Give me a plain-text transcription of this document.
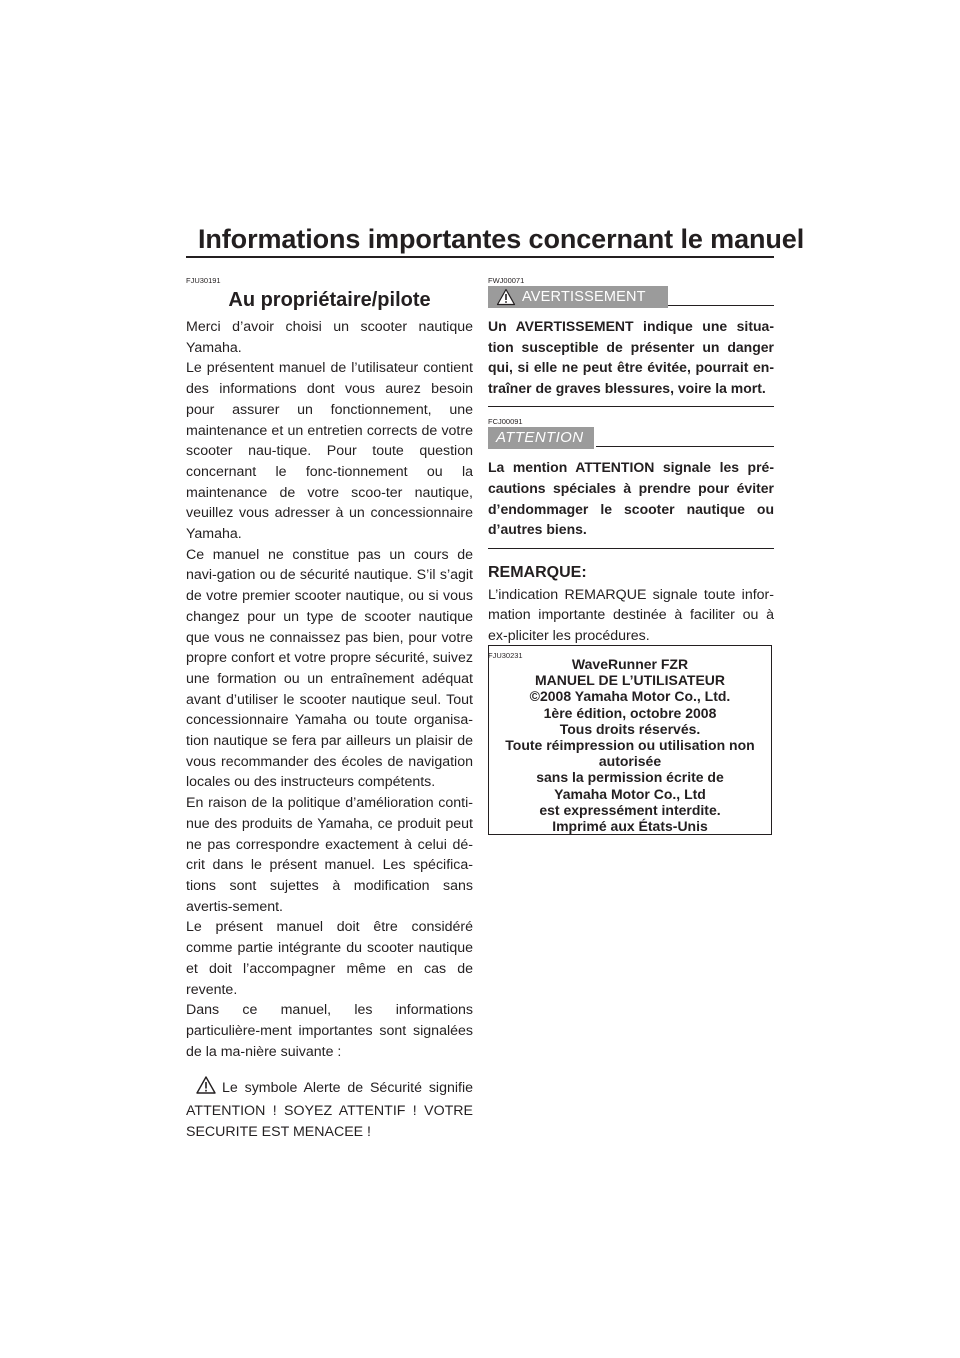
Informations importantes concernant le manuel
FJU30191
Au propriétaire/pilote

Merci d’avoir choisi un scooter nautique Yamaha.

Le présentent manuel de l’utilisateur contient des informations dont vous aurez besoin pour assurer un fonctionnement, une maintenance et un entretien corrects de votre scooter nau-tique. Pour toute question concernant le fonc-tionnement ou la maintenance de votre scoo-ter nautique, veuillez vous adresser à un concessionnaire Yamaha.

Ce manuel ne constitue pas un cours de navi-gation ou de sécurité nautique. S’il s’agit de votre premier scooter nautique, ou si vous changez pour un type de scooter nautique que vous ne connaissez pas bien, pour votre propre confort et votre propre sécurité, suivez une formation ou un entraînement adéquat avant d’utiliser le scooter nautique seul. Tout concessionnaire Yamaha ou toute organisa-tion nautique se fera par ailleurs un plaisir de vous recommander des écoles de navigation locales ou des instructeurs compétents.

En raison de la politique d’amélioration conti-nue des produits de Yamaha, ce produit peut ne pas correspondre exactement à celui dé-crit dans le présent manuel. Les spécifica-tions sont sujettes à modification sans avertis-sement.

Le présent manuel doit être considéré comme partie intégrante du scooter nautique et doit l’accompagner même en cas de revente.

Dans ce manuel, les informations particulière-ment importantes sont signalées de la ma-nière suivante :

Le symbole Alerte de Sécurité signifie ATTENTION ! SOYEZ ATTENTIF ! VOTRE SECURITE EST MENACEE !

FWJ00071
AVERTISSEMENT

Un AVERTISSEMENT indique une situa-tion susceptible de présenter un danger qui, si elle ne peut être évitée, pourrait en-traîner de graves blessures, voire la mort.

FCJ00091
ATTENTION

La mention ATTENTION signale les pré-cautions spéciales à prendre pour éviter d’endommager le scooter nautique ou d’autres biens.

REMARQUE:

L’indication REMARQUE signale toute infor-mation importante destinée à faciliter ou à ex-pliciter les procédures.

FJU30231
WaveRunner FZR
MANUEL DE L’UTILISATEUR
©2008 Yamaha Motor Co., Ltd.
1ère édition, octobre 2008
Tous droits réservés.
Toute réimpression ou utilisation non
autorisée
sans la permission écrite de
Yamaha Motor Co., Ltd
est expressément interdite.
Imprimé aux États-Unis
